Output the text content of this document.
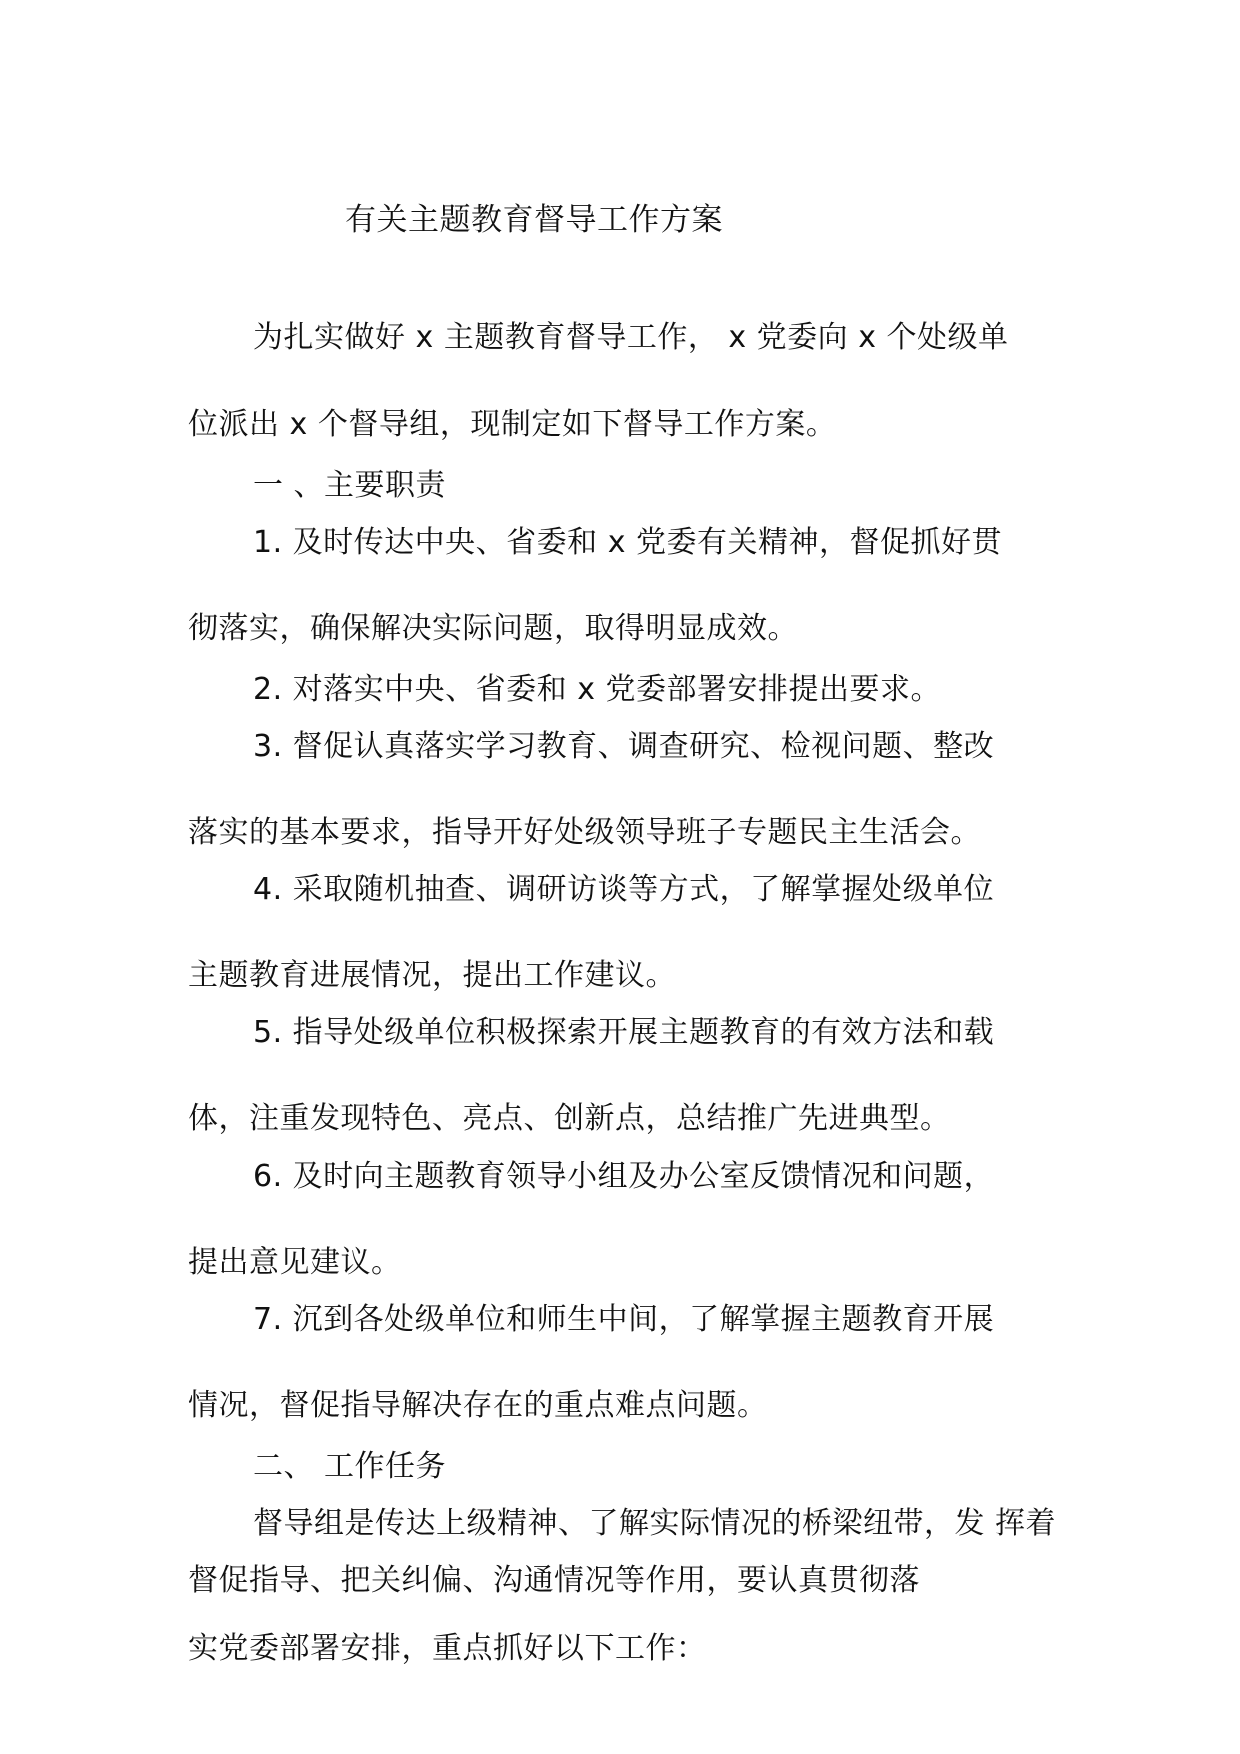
有关主题教育督导工作方案
为扎实做好 x 主题教育督导工作， x 党委向 x 个处级单
位派出 x 个督导组，现制定如下督导工作方案。
一 、主要职责
1. 及时传达中央、省委和 x 党委有关精神，督促抓好贯
彻落实，确保解决实际问题，取得明显成效。
2. 对落实中央、省委和 x 党委部署安排提出要求。
3. 督促认真落实学习教育、调查研究、检视问题、整改
落实的基本要求，指导开好处级领导班子专题民主生活会。
4. 采取随机抽查、调研访谈等方式，了解掌握处级单位
主题教育进展情况，提出工作建议。
5. 指导处级单位积极探索开展主题教育的有效方法和载
体，注重发现特色、亮点、创新点，总结推广先进典型。
6. 及时向主题教育领导小组及办公室反馈情况和问题，
提出意见建议。
7. 沉到各处级单位和师生中间，了解掌握主题教育开展
情况，督促指导解决存在的重点难点问题。
二、 工作任务
督导组是传达上级精神、了解实际情况的桥梁纽带，发 挥着
督促指导、把关纠偏、沟通情况等作用，要认真贯彻落
实党委部署安排，重点抓好以下工作：
